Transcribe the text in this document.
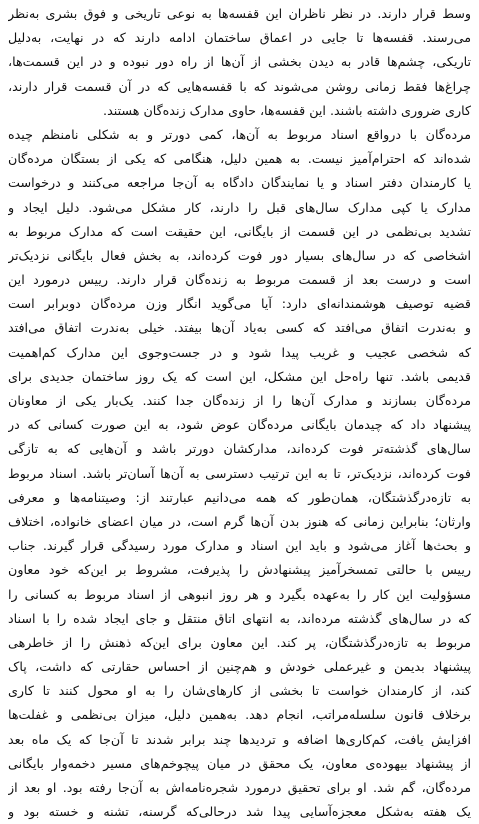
وسط قرار دارند. در نظر ناظران این قفسه‌ها به نوعی تاریخی و فوق بشری به‌نظر
می‌رسند. قفسه‌ها تا جایی در اعماق ساختمان ادامه دارند که در نهایت، به‌دلیل
تاریکی، چشم‌ها قادر به دیدن بخشی از آن‌ها از راه دور نبوده و در این قسمت‌ها،
چراغ‌ها فقط زمانی روشن می‌شوند که با قفسه‌هایی که در آن قسمت قرار دارند،
کاری ضروری داشته باشند. این قفسه‌ها، حاوی مدارک زنده‌گان هستند.

مرده‌گان با درواقع اسناد مربوط به آن‌ها، کمی دورتر و به شکلی نامنظم چیده
شده‌اند که احترام‌آمیز نیست. به همین دلیل، هنگامی که یکی از بستگان مرده‌گان
یا کارمندان دفتر اسناد و یا نمایندگان دادگاه به آن‌جا مراجعه می‌کنند و درخواست
مدارک یا کپی مدارک سال‌های قبل را دارند، کار مشکل می‌شود. دلیل ایجاد و
تشدید بی‌نظمی در این قسمت از بایگانی، این حقیقت است که مدارک مربوط به
اشخاصی که در سال‌های بسیار دور فوت کرده‌اند، به بخش فعال بایگانی نزدیک‌تر
است و درست بعد از قسمت مربوط به زنده‌گان قرار دارند. رییس درمورد این
قضیه توصیف هوشمندانه‌ای دارد: آیا می‌گوید انگار وزن مرده‌گان دوبرابر است
و به‌ندرت اتفاق می‌افتد که کسی به‌یاد آن‌ها بیفتد. خیلی به‌ندرت اتفاق می‌افتد
که شخصی عجیب و غریب پیدا شود و در جست‌وجوی این مدارک کم‌اهمیت
قدیمی باشد. تنها راه‌حل این مشکل، این است که یک روز ساختمان جدیدی برای
مرده‌گان بسازند و مدارک آن‌ها را از زنده‌گان جدا کنند. یک‌بار یکی از معاونان
پیشنهاد داد که چیدمان بایگانی مرده‌گان عوض شود، به این صورت کسانی که در
سال‌های گذشته‌تر فوت کرده‌اند، مدارکشان دورتر باشد و آن‌هایی که به تازگی
فوت کرده‌اند، نزدیک‌تر، تا به این ترتیب دسترسی به آن‌ها آسان‌تر باشد. اسناد مربوط
به تازه‌درگذشتگان، همان‌طور که همه می‌دانیم عبارتند از: وصیتنامه‌ها و معرفی
وارثان؛ بنابراین زمانی که هنوز بدن آن‌ها گرم است، در میان اعضای خانواده، اختلاف
و بحث‌ها آغاز می‌شود و باید این اسناد و مدارک مورد رسیدگی قرار گیرند. جناب
رییس با حالتی تمسخرآمیز پیشنهادش را پذیرفت، مشروط بر این‌که خود معاون
مسؤولیت این کار را به‌عهده بگیرد و هر روز انبوهی از اسناد مربوط به کسانی را
که در سال‌های گذشته مرده‌اند، به انتهای اتاق منتقل و جای ایجاد شده را با اسناد
مربوط به تازه‌درگذشتگان، پر کند. این معاون برای این‌که ذهنش را از خاطرهی
پیشنهاد بدیمن و غیرعملی خودش و هم‌چنین از احساس حقارتی که داشت، پاک
کند، از کارمندان خواست تا بخشی از کارهای‌شان را به او محول کنند تا کاری
برخلاف قانون سلسله‌مراتب، انجام دهد. به‌همین دلیل، میزان بی‌نظمی و غفلت‌ها
افزایش یافت، کم‌کاری‌ها اضافه و تردیدها چند برابر شدند تا آن‌جا که یک ماه بعد
از پیشنهاد بیهوده‌ی معاون، یک محقق در میان پیچوخم‌های مسیر دخمه‌وار بایگانی
مرده‌گان، گم شد. او برای تحقیق درمورد شجره‌نامه‌اش به آن‌جا رفته بود. او بعد از
یک هفته به‌شکل معجزه‌آسایی پیدا شد درحالی‌که گرسنه، تشنه و خسته بود و
